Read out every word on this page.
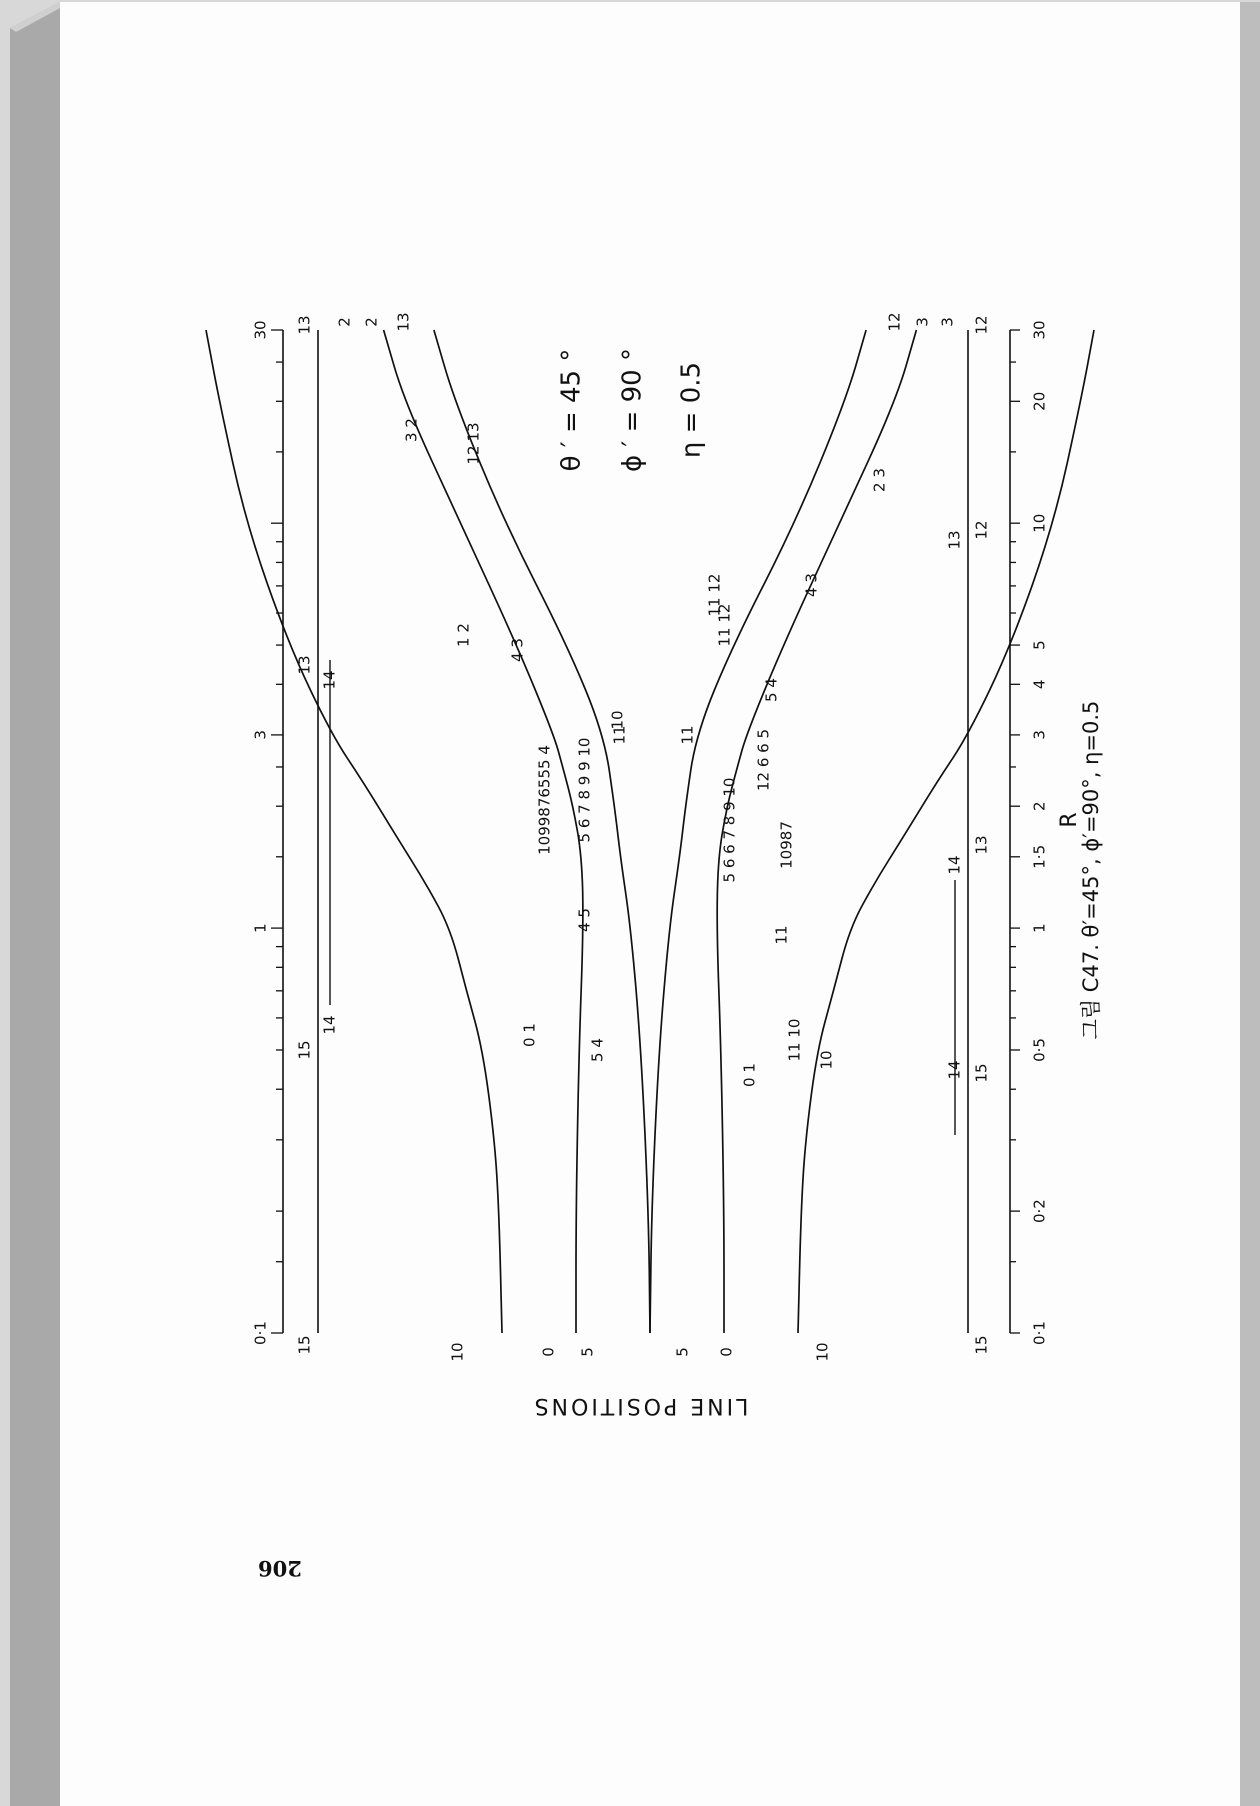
0·1
1
3
30
15
15
14
13
14
13
0·1
0·2
0·5
1
1·5
2
3
4
5
10
20
30
15
15
14
14
13
13
12
12
10	0 5	5 0	10
2 2 13	12 3 3
0 1
1099876555 4
1 2
3 2
12
13
4 3
5 4
4 5
5 6 7 8 9 9 10
10
11
5 6 6 7 8 9 10
11
11 12
11 12
0 1
12 6 6 5
5 4
4 3
2 3
11 10 10
11
10987
θ ′ = 45 ° ϕ ′ = 90 ° η = 0.5
LINE POSITIONS
R
그림 C47. θ′=45°, ϕ′=90°, η=0.5
206
